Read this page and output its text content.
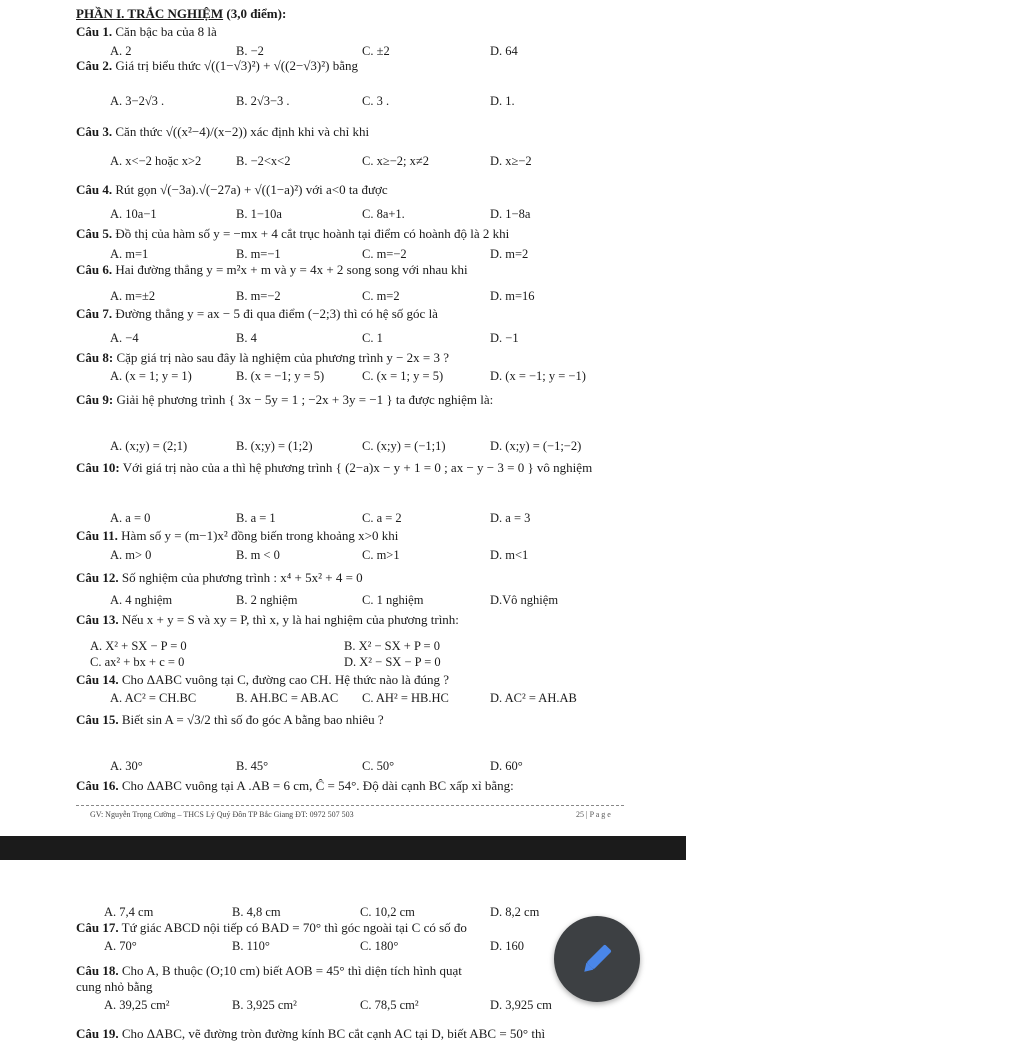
PHẦN I. TRẮC NGHIỆM (3,0 điểm):
Câu 1. Căn bậc ba của 8 là
A. 2	B. −2	C. ±2	D. 64
Câu 2. Giá trị biểu thức √((1−√3)²) + √((2−√3)²) bằng
A. 3−2√3 .	B. 2√3−3 .	C. 3 .	D. 1.
Câu 3. Căn thức √((x²−4)/(x−2)) xác định khi và chỉ khi
A. x<−2 hoặc x>2	B. −2<x<2	C. x≥−2; x≠2	D. x≥−2
Câu 4. Rút gọn √(−3a).√(−27a) + √((1−a)²) với a<0 ta được
A. 10a−1	B. 1−10a	C. 8a+1.	D. 1−8a
Câu 5. Đồ thị của hàm số y = −mx + 4 cắt trục hoành tại điểm có hoành độ là 2 khi
A. m=1	B. m=−1	C. m=−2	D. m=2
Câu 6. Hai đường thẳng y = m²x + m và y = 4x + 2 song song với nhau khi
A. m=±2	B. m=−2	C. m=2	D. m=16
Câu 7. Đường thẳng y = ax − 5 đi qua điểm (−2;3) thì có hệ số góc là
A. −4	B. 4	C. 1	D. −1
Câu 8: Cặp giá trị nào sau đây là nghiệm của phương trình y − 2x = 3 ?
A. (x = 1; y = 1)	B. (x = −1; y = 5)	C. (x = 1; y = 5)	D. (x = −1; y = −1)
Câu 9: Giải hệ phương trình { 3x − 5y = 1 ; −2x + 3y = −1 } ta được nghiệm là:
A. (x;y) = (2;1)	B. (x;y) = (1;2)	C. (x;y) = (−1;1)	D. (x;y) = (−1;−2)
Câu 10: Với giá trị nào của a thì hệ phương trình { (2−a)x − y + 1 = 0 ; ax − y − 3 = 0 } vô nghiệm
A. a = 0	B. a = 1	C. a = 2	D. a = 3
Câu 11. Hàm số y = (m−1)x² đồng biến trong khoảng x>0 khi
A. m> 0	B. m < 0	C. m>1	D. m<1
Câu 12. Số nghiệm của phương trình : x⁴ + 5x² + 4 = 0
A. 4 nghiệm	B. 2 nghiệm	C. 1 nghiệm	D.Vô nghiệm
Câu 13. Nếu x + y = S và xy = P, thì x, y là hai nghiệm của phương trình:
A. X² + SX − P = 0	B. X² − SX + P = 0
C. ax² + bx + c = 0	D. X² − SX − P = 0
Câu 14. Cho ΔABC vuông tại C, đường cao CH. Hệ thức nào là đúng ?
A. AC² = CH.BC	B. AH.BC = AB.AC C. AH² = HB.HC	D. AC² = AH.AB
Câu 15. Biết sin A = √3/2 thì số đo góc A bằng bao nhiêu ?
A. 30°	B. 45°	C. 50°	D. 60°
Câu 16. Cho ΔABC vuông tại A .AB = 6 cm, Ĉ = 54°. Độ dài cạnh BC xấp xỉ bằng:
GV: Nguyễn Trọng Cường – THCS Lý Quý Đôn TP Bắc Giang ĐT: 0972 507 503	25 | P a g e
A. 7,4 cm	B. 4,8 cm	C. 10,2 cm	D. 8,2 cm
Câu 17. Tứ giác ABCD nội tiếp có BAD = 70° thì góc ngoài tại C có số đo
A. 70°	B. 110°	C. 180°	D. 160
Câu 18. Cho A, B thuộc (O;10 cm) biết AOB = 45° thì diện tích hình quạt
cung nhỏ bằng
A. 39,25 cm²	B. 3,925 cm²	C. 78,5 cm²	D. 3,925 cm
Câu 19. Cho ΔABC, vẽ đường tròn đường kính BC cắt cạnh AC tại D, biết ABC = 50° thì
